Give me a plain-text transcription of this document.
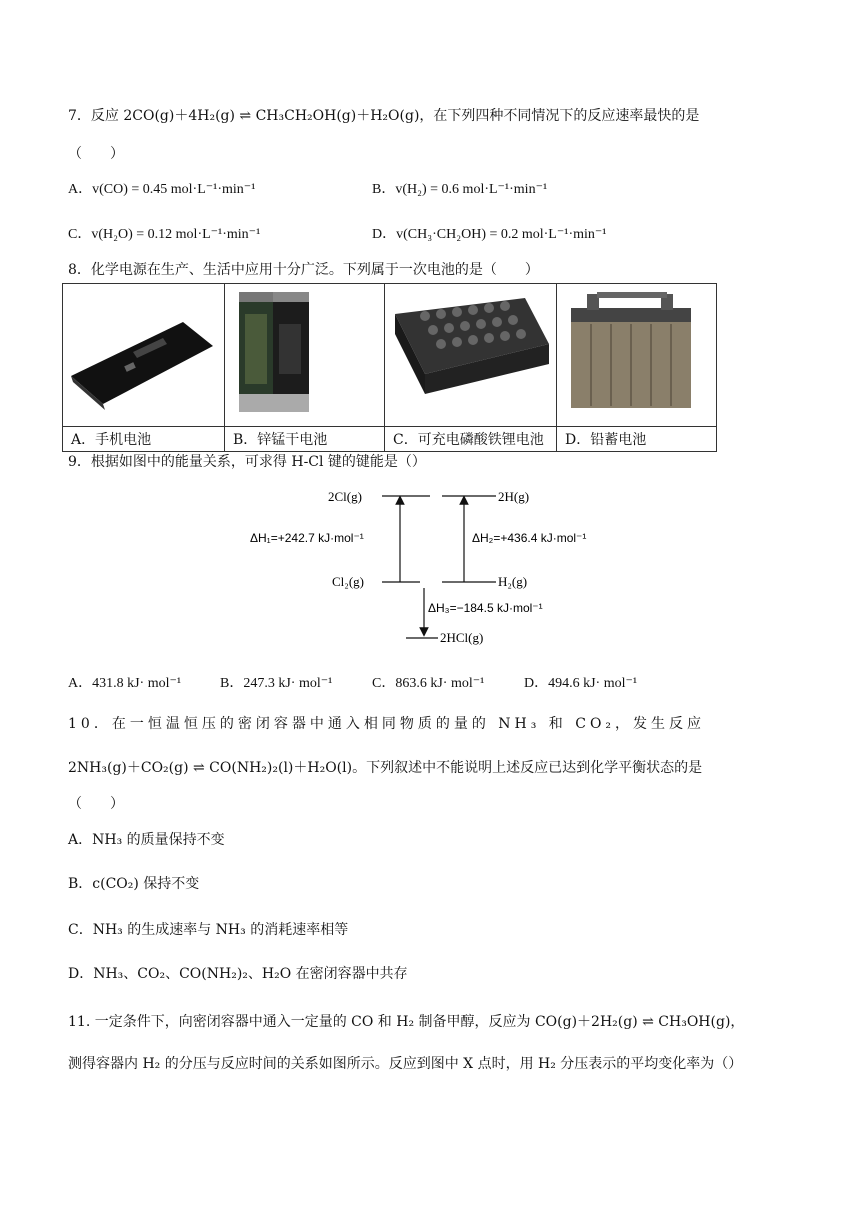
7．反应 2CO(g)＋4H₂(g) ⇌ CH₃CH₂OH(g)＋H₂O(g)，在下列四种不同情况下的反应速率最快的是
（　　）
A．v(CO) = 0.45 mol·L⁻¹·min⁻¹	B．v(H₂) = 0.6 mol·L⁻¹·min⁻¹
C．v(H₂O) = 0.12 mol·L⁻¹·min⁻¹	D．v(CH₃·CH₂OH) = 0.2 mol·L⁻¹·min⁻¹
8．化学电源在生产、生活中应用十分广泛。下列属于一次电池的是（　　）

A．手机电池	B．锌锰干电池	C．可充电磷酸铁锂电池	D．铅蓄电池
9．根据如图中的能量关系，可求得 H-Cl 键的键能是（）
2Cl(g)	2H(g)
ΔH₁=+242.7 kJ·mol⁻¹	ΔH₂=+436.4 kJ·mol⁻¹
Cl₂(g)	H₂(g)
ΔH₃=−184.5 kJ·mol⁻¹
2HCl(g)
A．431.8 kJ· mol⁻¹	B．247.3 kJ· mol⁻¹	C．863.6 kJ· mol⁻¹	D．494.6 kJ· mol⁻¹
10．在一恒温恒压的密闭容器中通入相同物质的量的 NH₃ 和 CO₂，发生反应
2NH₃(g)＋CO₂(g) ⇌ CO(NH₂)₂(l)＋H₂O(l)。下列叙述中不能说明上述反应已达到化学平衡状态的是
（　　）
A．NH₃ 的质量保持不变
B．c(CO₂) 保持不变
C．NH₃ 的生成速率与 NH₃ 的消耗速率相等
D．NH₃、CO₂、CO(NH₂)₂、H₂O 在密闭容器中共存
11. 一定条件下，向密闭容器中通入一定量的 CO 和 H₂ 制备甲醇，反应为 CO(g)＋2H₂(g) ⇌ CH₃OH(g)，
测得容器内 H₂ 的分压与反应时间的关系如图所示。反应到图中 X 点时，用 H₂ 分压表示的平均变化率为（）
